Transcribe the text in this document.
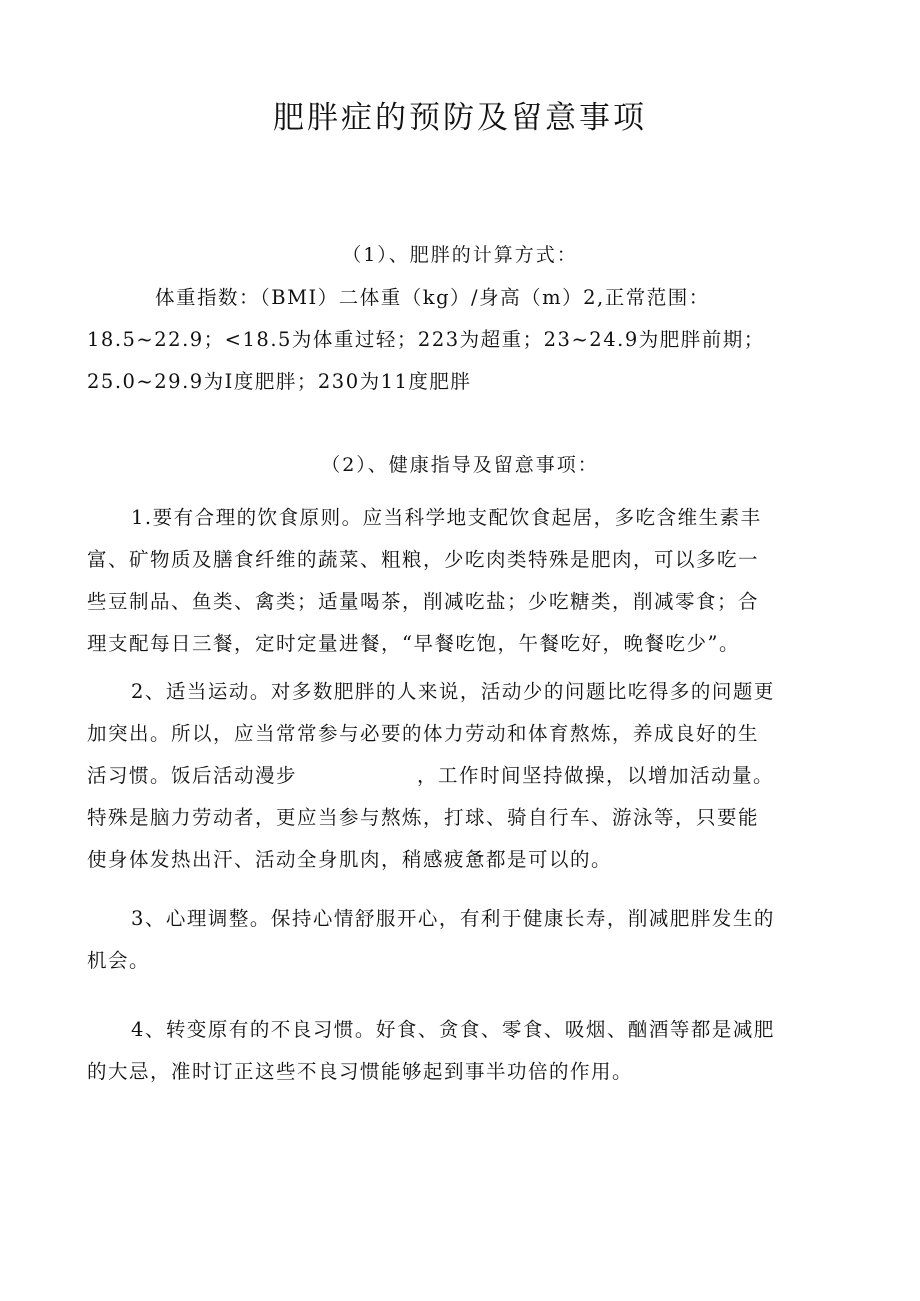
肥胖症的预防及留意事项

（1）、肥胖的计算方式：

体重指数：（BMI）二体重（kg）/身高（m）2,正常范围：
18.5~22.9；<18.5为体重过轻；223为超重；23~24.9为肥胖前期；
25.0~29.9为I度肥胖；230为11度肥胖

（2）、健康指导及留意事项：

1.要有合理的饮食原则。应当科学地支配饮食起居，多吃含维生素丰
富、矿物质及膳食纤维的蔬菜、粗粮，少吃肉类特殊是肥肉，可以多吃一
些豆制品、鱼类、禽类；适量喝茶，削减吃盐；少吃糖类，削减零食；合
理支配每日三餐，定时定量进餐，“早餐吃饱，午餐吃好，晚餐吃少”。
2、适当运动。对多数肥胖的人来说，活动少的问题比吃得多的问题更
加突出。所以，应当常常参与必要的体力劳动和体育熬炼，养成良好的生
活习惯。饭后活动漫步	，工作时间坚持做操，以增加活动量。
特殊是脑力劳动者，更应当参与熬炼，打球、骑自行车、游泳等，只要能
使身体发热出汗、活动全身肌肉，稍感疲惫都是可以的。
3、心理调整。保持心情舒服开心，有利于健康长寿，削减肥胖发生的
机会。
4、转变原有的不良习惯。好食、贪食、零食、吸烟、酗酒等都是减肥
的大忌，准时订正这些不良习惯能够起到事半功倍的作用。
